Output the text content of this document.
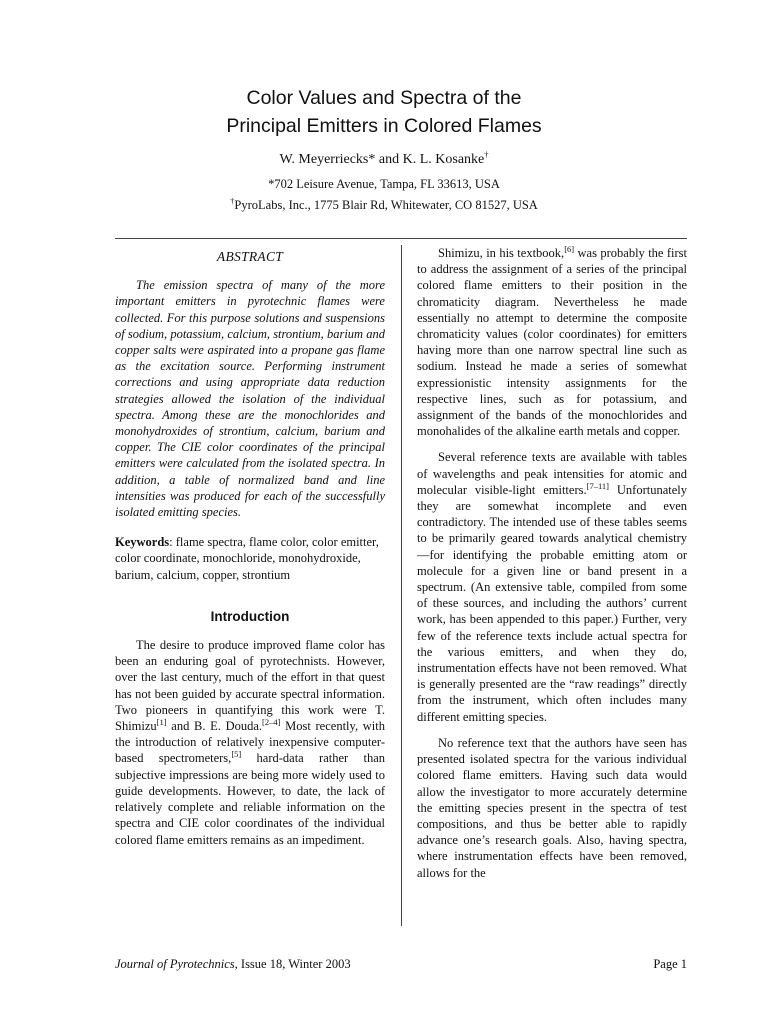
Color Values and Spectra of the
Principal Emitters in Colored Flames
W. Meyerriecks* and K. L. Kosanke†
*702 Leisure Avenue, Tampa, FL 33613, USA
†PyroLabs, Inc., 1775 Blair Rd, Whitewater, CO 81527, USA
ABSTRACT

The emission spectra of many of the more important emitters in pyrotechnic flames were collected. For this purpose solutions and suspensions of sodium, potassium, calcium, strontium, barium and copper salts were aspirated into a propane gas flame as the excitation source. Performing instrument corrections and using appropriate data reduction strategies allowed the isolation of the individual spectra. Among these are the monochlorides and monohydroxides of strontium, calcium, barium and copper. The CIE color coordinates of the principal emitters were calculated from the isolated spectra. In addition, a table of normalized band and line intensities was produced for each of the successfully isolated emitting species.

Keywords: flame spectra, flame color, color emitter, color coordinate, monochloride, monohydroxide, barium, calcium, copper, strontium

Introduction

The desire to produce improved flame color has been an enduring goal of pyrotechnists. However, over the last century, much of the effort in that quest has not been guided by accurate spectral information. Two pioneers in quantifying this work were T. Shimizu[1] and B. E. Douda.[2–4] Most recently, with the introduction of relatively inexpensive computer-based spectrometers,[5] hard-data rather than subjective impressions are being more widely used to guide developments. However, to date, the lack of relatively complete and reliable information on the spectra and CIE color coordinates of the individual colored flame emitters remains as an impediment.

Shimizu, in his textbook,[6] was probably the first to address the assignment of a series of the principal colored flame emitters to their position in the chromaticity diagram. Nevertheless he made essentially no attempt to determine the composite chromaticity values (color coordinates) for emitters having more than one narrow spectral line such as sodium. Instead he made a series of somewhat expressionistic intensity assignments for the respective lines, such as for potassium, and assignment of the bands of the monochlorides and monohalides of the alkaline earth metals and copper.

Several reference texts are available with tables of wavelengths and peak intensities for atomic and molecular visible-light emitters.[7–11] Unfortunately they are somewhat incomplete and even contradictory. The intended use of these tables seems to be primarily geared towards analytical chemistry—for identifying the probable emitting atom or molecule for a given line or band present in a spectrum. (An extensive table, compiled from some of these sources, and including the authors’ current work, has been appended to this paper.) Further, very few of the reference texts include actual spectra for the various emitters, and when they do, instrumentation effects have not been removed. What is generally presented are the “raw readings” directly from the instrument, which often includes many different emitting species.

No reference text that the authors have seen has presented isolated spectra for the various individual colored flame emitters. Having such data would allow the investigator to more accurately determine the emitting species present in the spectra of test compositions, and thus be better able to rapidly advance one’s research goals. Also, having spectra, where instrumentation effects have been removed, allows for the

Journal of Pyrotechnics, Issue 18, Winter 2003	Page 1
